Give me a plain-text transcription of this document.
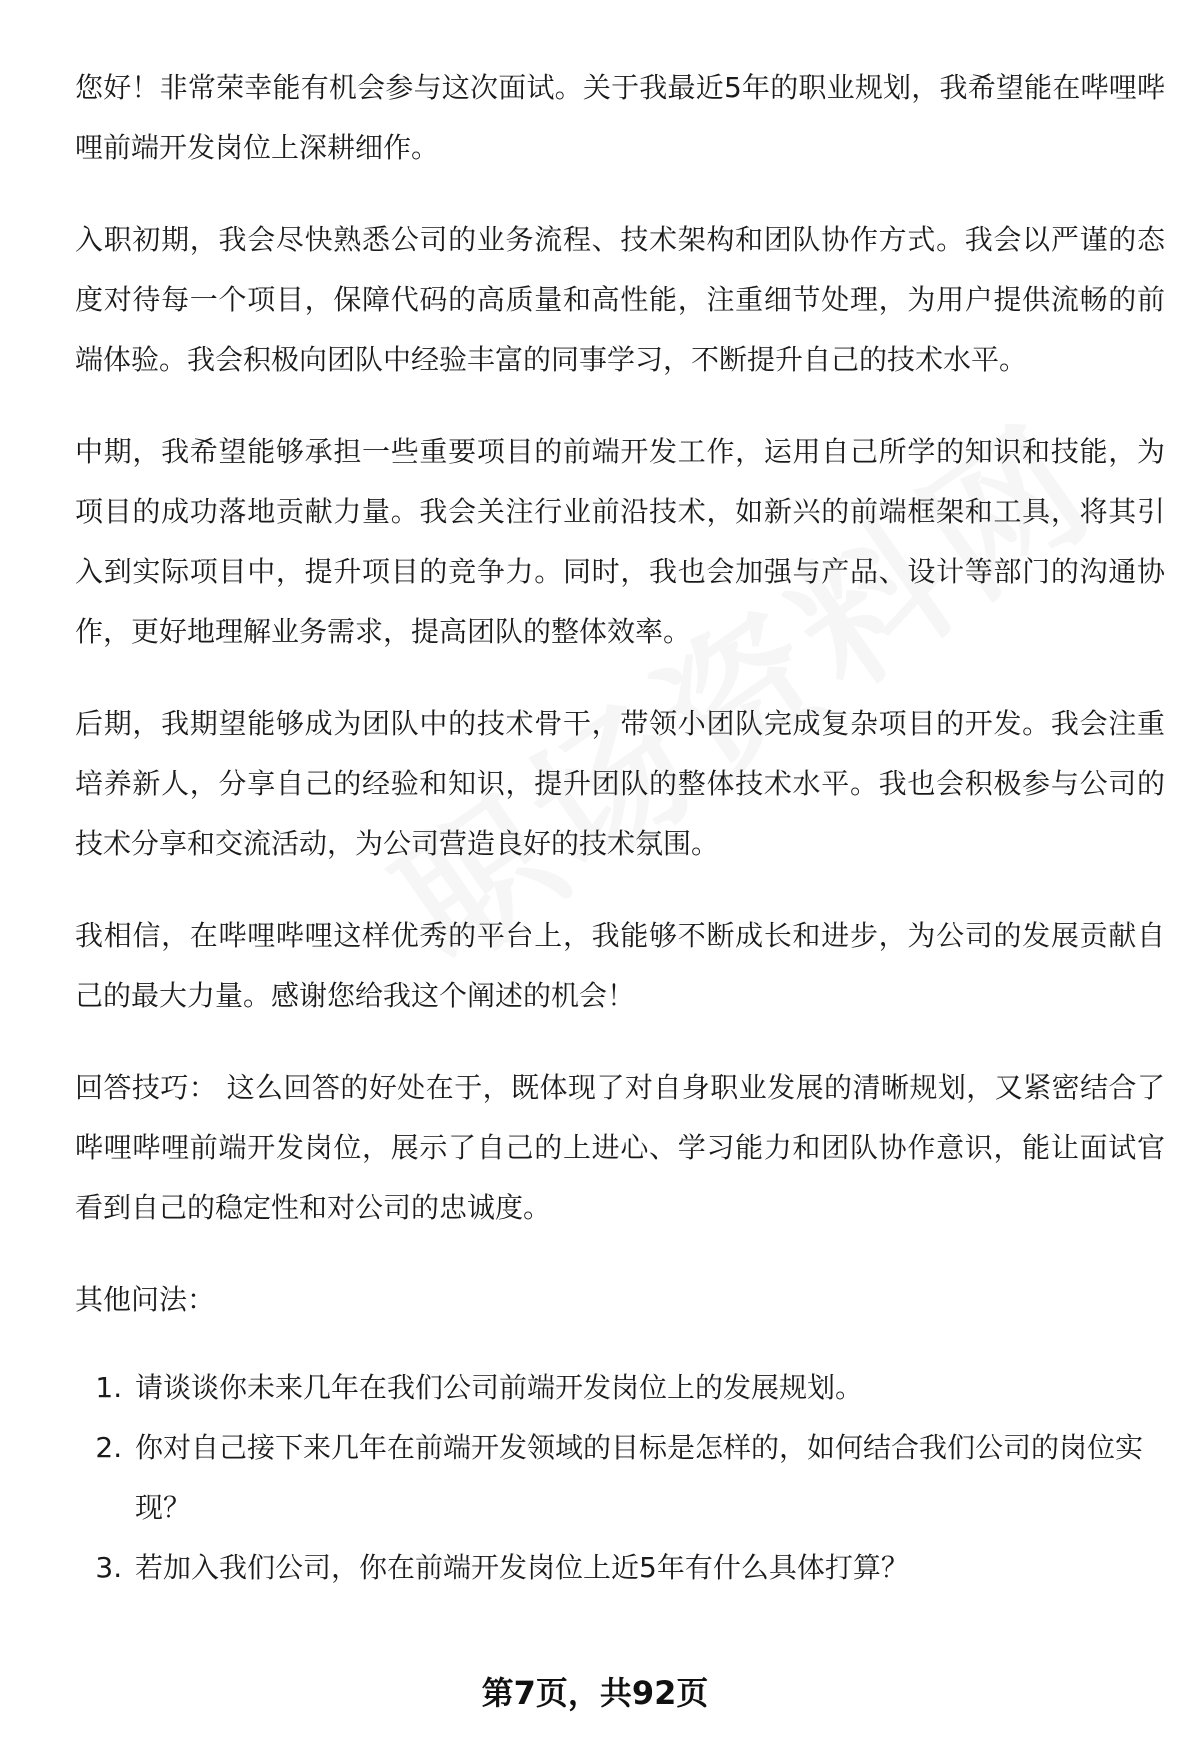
您好！非常荣幸能有机会参与这次面试。关于我最近5年的职业规划，我希望能在哔哩哔哩前端开发岗位上深耕细作。

入职初期，我会尽快熟悉公司的业务流程、技术架构和团队协作方式。我会以严谨的态度对待每一个项目，保障代码的高质量和高性能，注重细节处理，为用户提供流畅的前端体验。我会积极向团队中经验丰富的同事学习，不断提升自己的技术水平。

中期，我希望能够承担一些重要项目的前端开发工作，运用自己所学的知识和技能，为项目的成功落地贡献力量。我会关注行业前沿技术，如新兴的前端框架和工具，将其引入到实际项目中，提升项目的竞争力。同时，我也会加强与产品、设计等部门的沟通协作，更好地理解业务需求，提高团队的整体效率。

后期，我期望能够成为团队中的技术骨干，带领小团队完成复杂项目的开发。我会注重培养新人，分享自己的经验和知识，提升团队的整体技术水平。我也会积极参与公司的技术分享和交流活动，为公司营造良好的技术氛围。

我相信，在哔哩哔哩这样优秀的平台上，我能够不断成长和进步，为公司的发展贡献自己的最大力量。感谢您给我这个阐述的机会！

回答技巧： 这么回答的好处在于，既体现了对自身职业发展的清晰规划，又紧密结合了哔哩哔哩前端开发岗位，展示了自己的上进心、学习能力和团队协作意识，能让面试官看到自己的稳定性和对公司的忠诚度。

其他问法：

1. 请谈谈你未来几年在我们公司前端开发岗位上的发展规划。
2. 你对自己接下来几年在前端开发领域的目标是怎样的，如何结合我们公司的岗位实现？
3. 若加入我们公司，你在前端开发岗位上近5年有什么具体打算？
第7页，共92页
